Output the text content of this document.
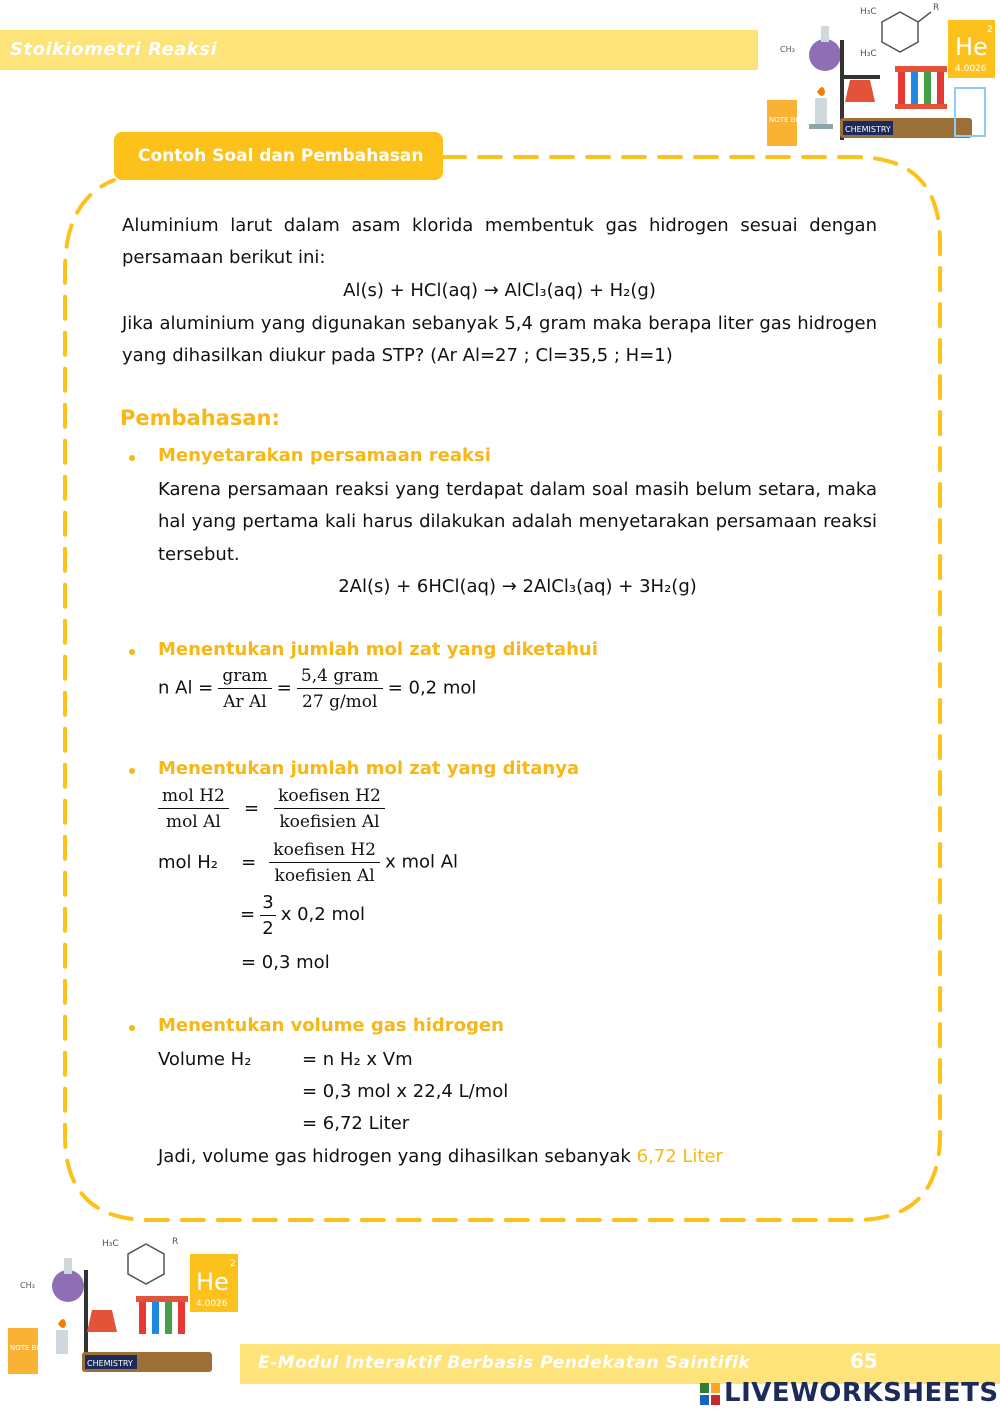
Stoikiometri Reaksi
H₃C	R
H₃C
CH₃	He
2
4.0026
NOTE BOOK
CHEMISTRY
Contoh Soal dan Pembahasan
Aluminium larut dalam asam klorida membentuk gas hidrogen sesuai dengan
persamaan berikut ini:
Al(s) + HCl(aq) → AlCl₃(aq) + H₂(g)
Jika aluminium yang digunakan sebanyak 5,4 gram maka berapa liter gas hidrogen
yang dihasilkan diukur pada STP? (Ar Al=27 ; Cl=35,5 ; H=1)
Pembahasan:
Menyetarakan persamaan reaksi
Karena persamaan reaksi yang terdapat dalam soal masih belum setara, maka
hal yang pertama kali harus dilakukan adalah menyetarakan persamaan reaksi
tersebut.
2Al(s) + 6HCl(aq) → 2AlCl₃(aq) + 3H₂(g)
Menentukan jumlah mol zat yang diketahui
n $Al = \frac{\text{gram}}{\text{Ar Al}} = \frac{\text{5,4 gram}}{\text{27 g/mol}} = 0,2$ mol
Menentukan jumlah mol zat yang ditanya
$\frac{\text{mol H2}}{\text{mol Al}} = \frac{\text{koefisen H2}}{\text{koefisien Al}}$
mol $H_2 = \frac{\text{koefisen H2}}{\text{koefisien Al}}$ x mol Al
= $\frac{3}{2}$ x 0,2 mol
= 0,3 mol
Menentukan volume gas hidrogen
Volume H₂	= n H₂ x Vm
= 0,3 mol x 22,4 L/mol
= 6,72 Liter
Jadi, volume gas hidrogen yang dihasilkan sebanyak 6,72 Liter
H₃C	R
CH₃	He
2
4.0026
NOTE BOOK
CHEMISTRY	E-Modul Interaktif Berbasis Pendekatan Saintifik	65
LIVEWORKSHEETS
